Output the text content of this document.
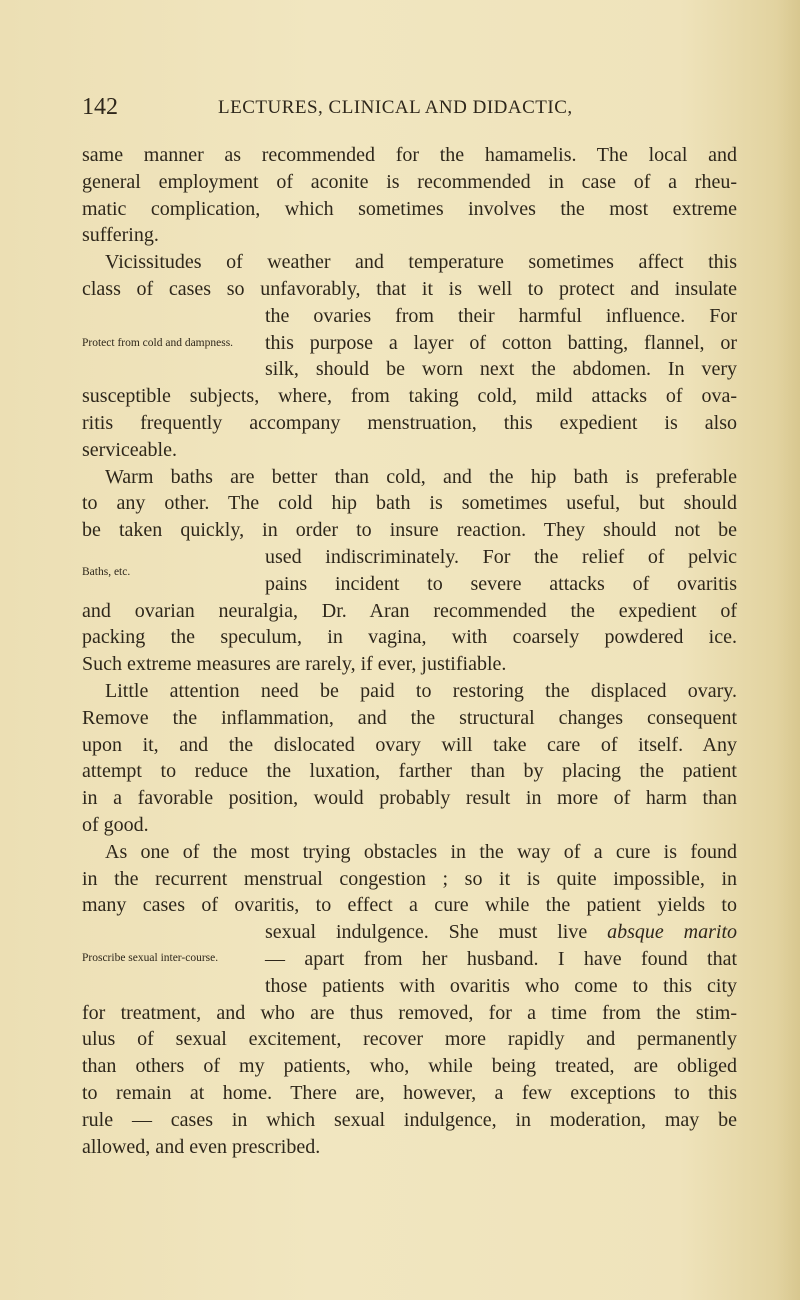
142	LECTURES, CLINICAL AND DIDACTIC,
same manner as recommended for the hamamelis. The local and
general employment of aconite is recommended in case of a rheu-
matic complication, which sometimes involves the most extreme
suffering.
Vicissitudes of weather and temperature sometimes affect this
class of cases so unfavorably, that it is well to protect and insulate
the ovaries from their harmful influence. For
this purpose a layer of cotton batting, flannel, or
silk, should be worn next the abdomen. In very
susceptible subjects, where, from taking cold, mild attacks of ova-
ritis frequently accompany menstruation, this expedient is also
serviceable.
Warm baths are better than cold, and the hip bath is preferable
to any other. The cold hip bath is sometimes useful, but should
be taken quickly, in order to insure reaction. They should not be
used indiscriminately. For the relief of pelvic
pains incident to severe attacks of ovaritis
and ovarian neuralgia, Dr. Aran recommended the expedient of
packing the speculum, in vagina, with coarsely powdered ice.
Such extreme measures are rarely, if ever, justifiable.
Little attention need be paid to restoring the displaced ovary.
Remove the inflammation, and the structural changes consequent
upon it, and the dislocated ovary will take care of itself. Any
attempt to reduce the luxation, farther than by placing the patient
in a favorable position, would probably result in more of harm than
of good.
As one of the most trying obstacles in the way of a cure is found
in the recurrent menstrual congestion ; so it is quite impossible, in
many cases of ovaritis, to effect a cure while the patient yields to
sexual indulgence. She must live absque marito
— apart from her husband. I have found that
those patients with ovaritis who come to this city
for treatment, and who are thus removed, for a time from the stim-
ulus of sexual excitement, recover more rapidly and permanently
than others of my patients, who, while being treated, are obliged
to remain at home. There are, however, a few exceptions to this
rule — cases in which sexual indulgence, in moderation, may be
allowed, and even prescribed.
Protect from cold and dampness.
Baths, etc.
Proscribe sexual inter-course.
